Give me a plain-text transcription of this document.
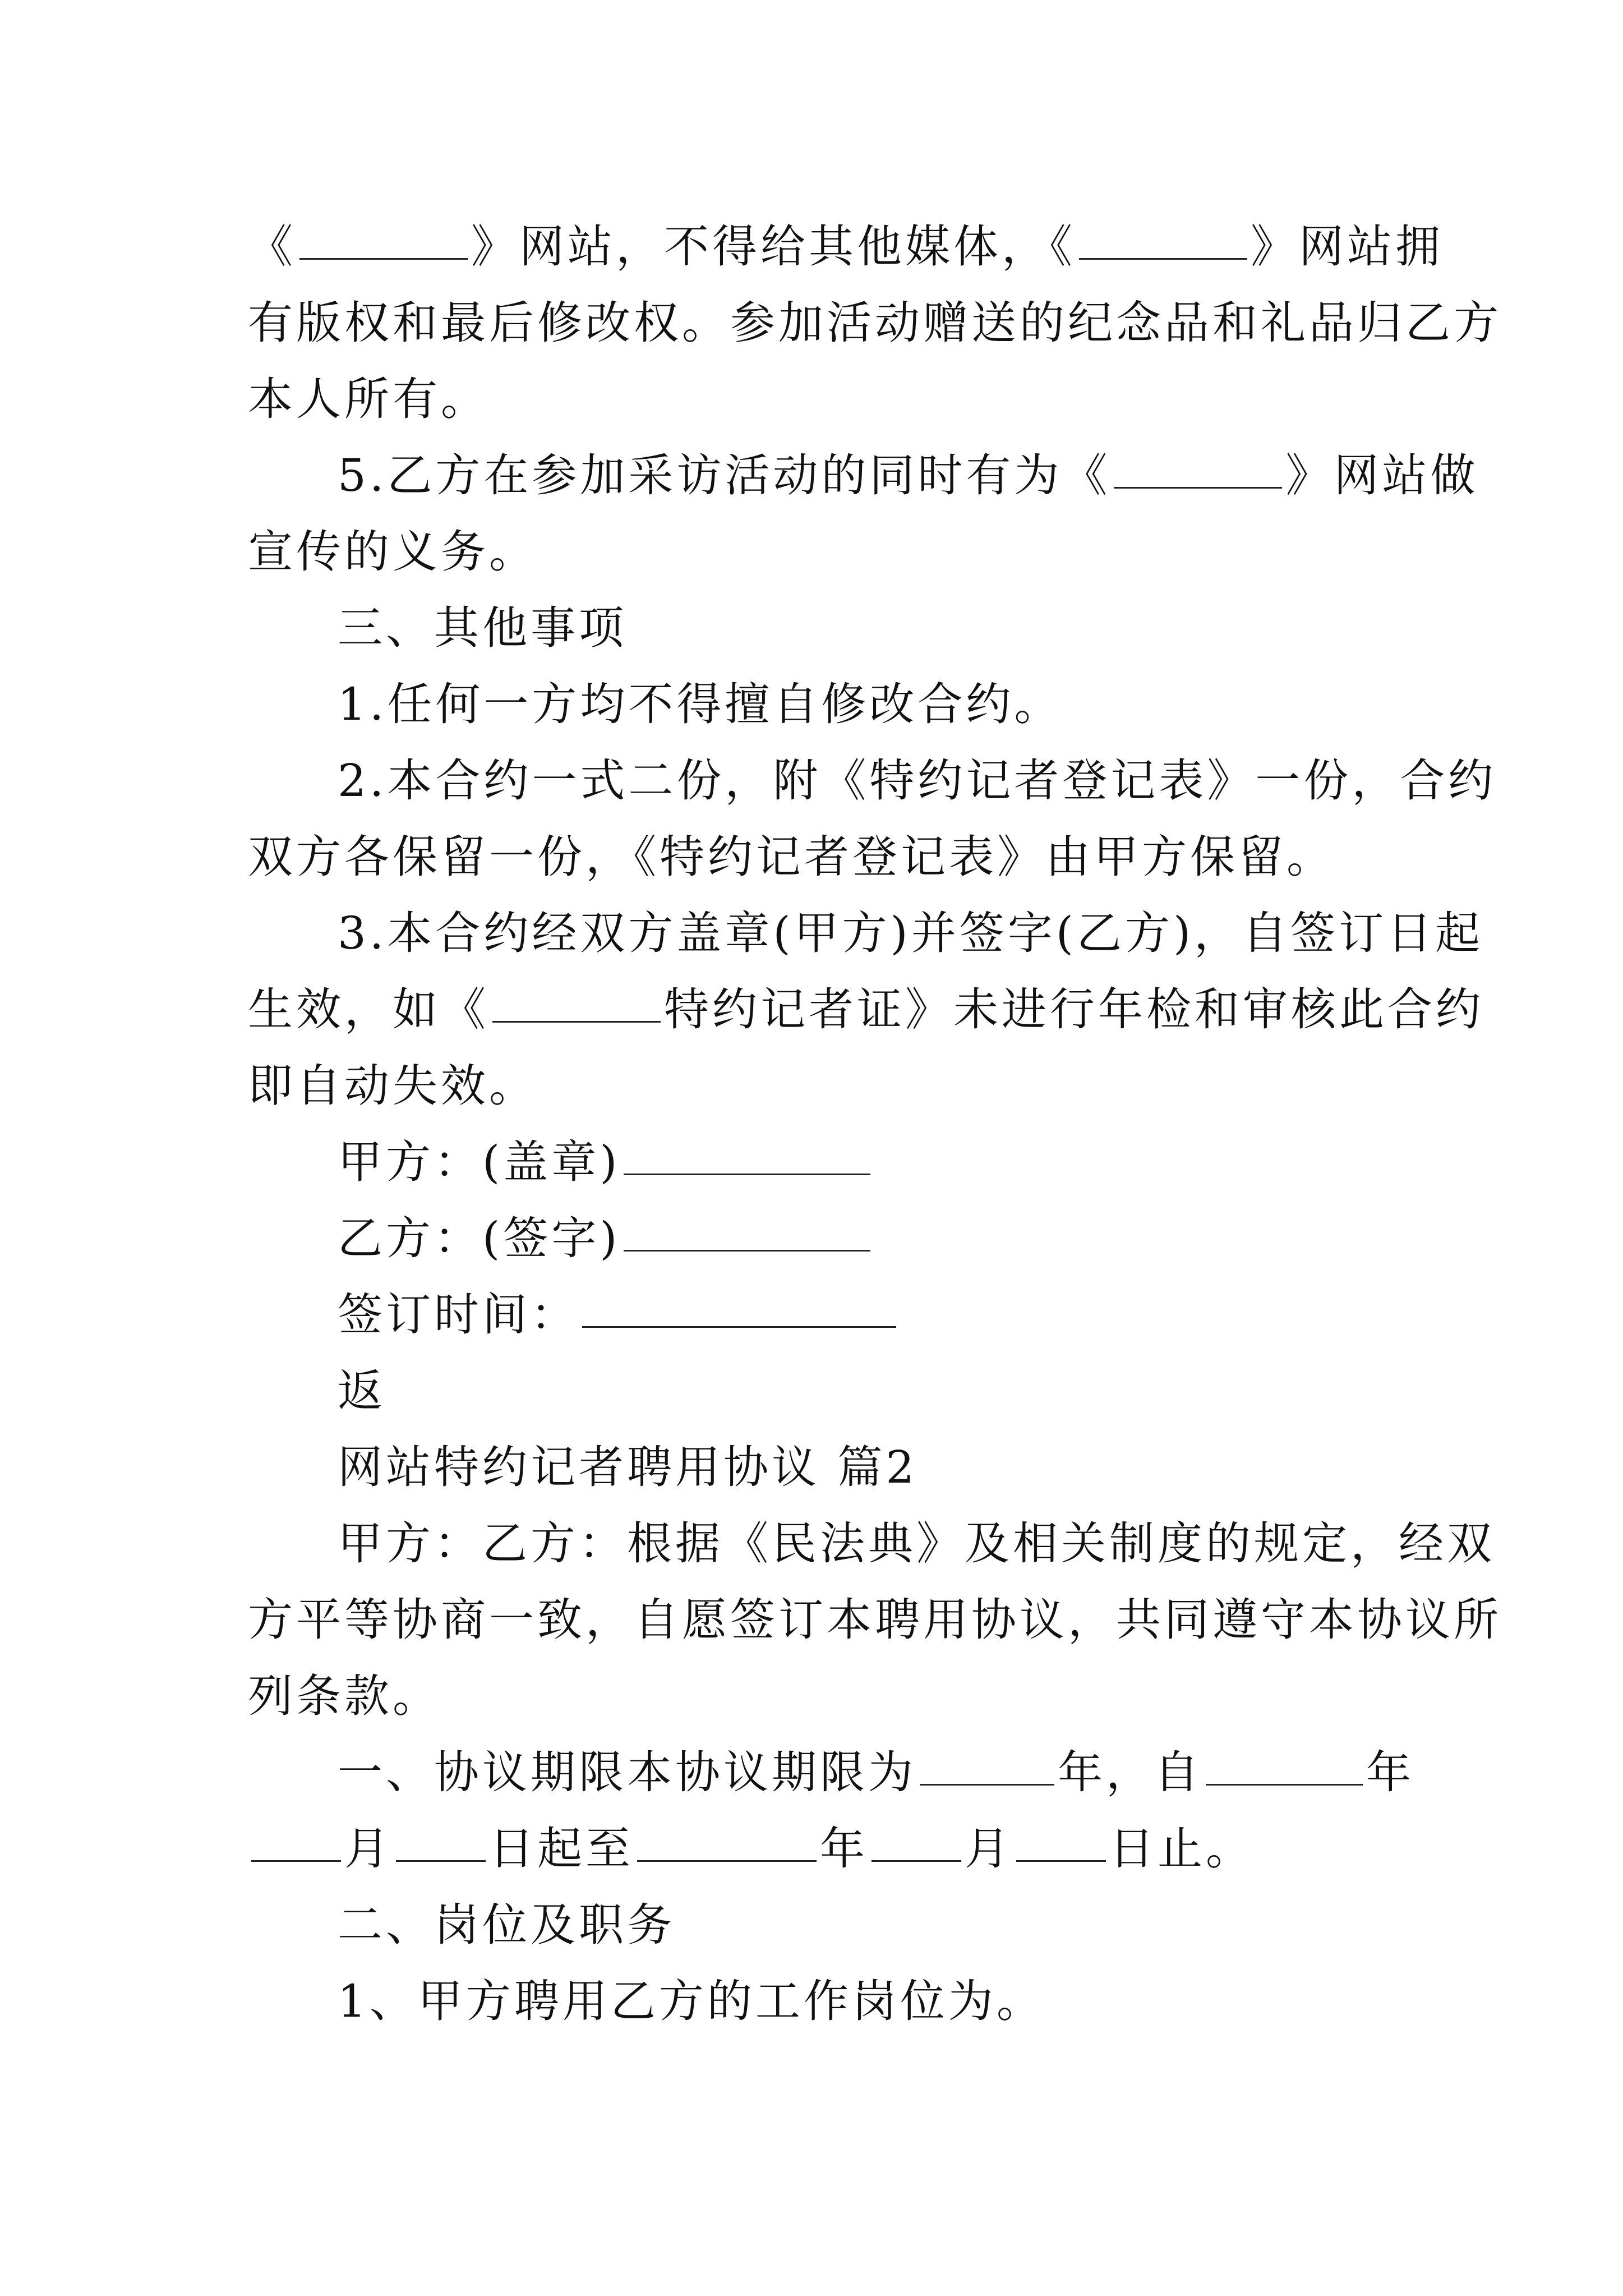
《	》网站，不得给其他媒体，《	》网站拥
有版权和最后修改权。参加活动赠送的纪念品和礼品归乙方
本人所有。
5.乙方在参加采访活动的同时有为《	》网站做
宣传的义务。
三、其他事项
1.任何一方均不得擅自修改合约。
2.本合约一式二份，附《特约记者登记表》一份，合约
双方各保留一份，《特约记者登记表》由甲方保留。
3.本合约经双方盖章(甲方)并签字(乙方)，自签订日起
生效，如《	特约记者证》未进行年检和审核此合约
即自动失效。
甲方：(盖章)
乙方：(签字)
签订时间：
返
网站特约记者聘用协议 篇2
甲方：乙方：根据《民法典》及相关制度的规定，经双
方平等协商一致，自愿签订本聘用协议，共同遵守本协议所
列条款。
一、协议期限本协议期限为	年，自	年
月 日起至	年 月 日止。
二、岗位及职务
1、甲方聘用乙方的工作岗位为。
